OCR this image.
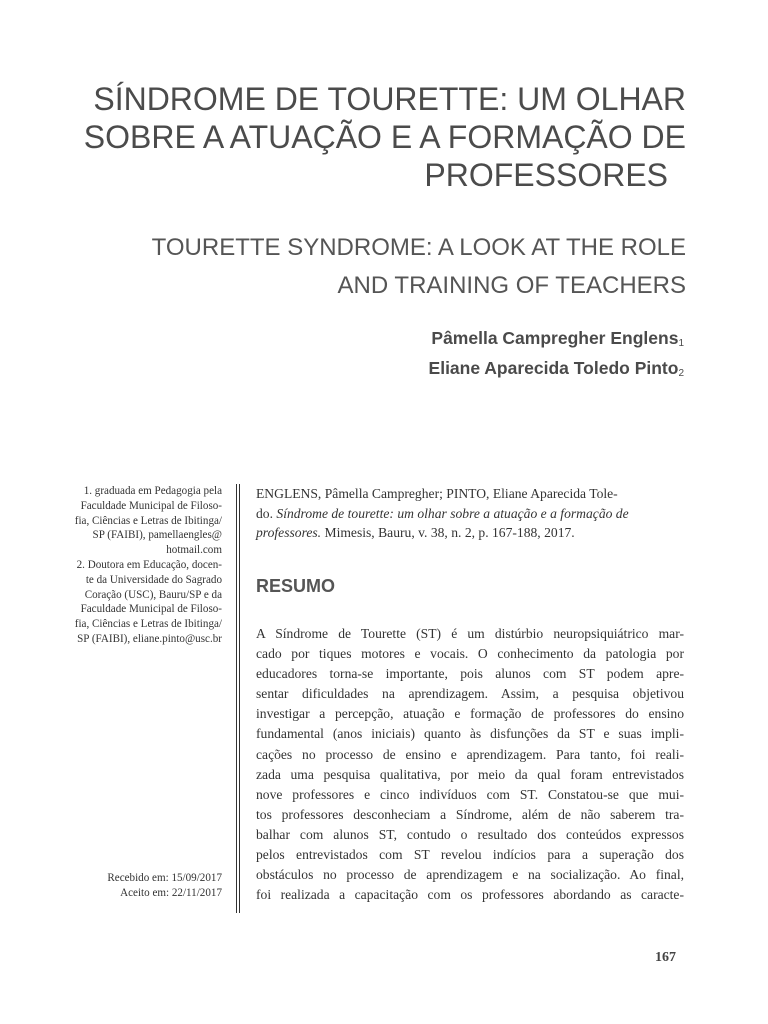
SÍNDROME DE TOURETTE: UM OLHAR
SOBRE A ATUAÇÃO E A FORMAÇÃO DE
PROFESSORES
TOURETTE SYNDROME: A LOOK AT THE ROLE
AND TRAINING OF TEACHERS
Pâmella Campregher Englens$_1$
Eliane Aparecida Toledo Pinto$_2$
1. graduada em Pedagogia pela
Faculdade Municipal de Filoso-
fia, Ciências e Letras de Ibitinga/
SP (FAIBI), pamellaengles@
hotmail.com
2. Doutora em Educação, docen-
te da Universidade do Sagrado
Coração (USC), Bauru/SP e da
Faculdade Municipal de Filoso-
fia, Ciências e Letras de Ibitinga/
SP (FAIBI), eliane.pinto@usc.br
Recebido em: 15/09/2017
Aceito em: 22/11/2017
ENGLENS, Pâmella Campregher; PINTO, Eliane Aparecida Tole-
do. Síndrome de tourette: um olhar sobre a atuação e a formação de
professores. Mimesis, Bauru, v. 38, n. 2, p. 167-188, 2017.
RESUMO
A Síndrome de Tourette (ST) é um distúrbio neuropsiquiátrico mar-
cado por tiques motores e vocais. O conhecimento da patologia por
educadores torna-se importante, pois alunos com ST podem apre-
sentar dificuldades na aprendizagem. Assim, a pesquisa objetivou
investigar a percepção, atuação e formação de professores do ensino
fundamental (anos iniciais) quanto às disfunções da ST e suas impli-
cações no processo de ensino e aprendizagem. Para tanto, foi reali-
zada uma pesquisa qualitativa, por meio da qual foram entrevistados
nove professores e cinco indivíduos com ST. Constatou-se que mui-
tos professores desconheciam a Síndrome, além de não saberem tra-
balhar com alunos ST, contudo o resultado dos conteúdos expressos
pelos entrevistados com ST revelou indícios para a superação dos
obstáculos no processo de aprendizagem e na socialização. Ao final,
foi realizada a capacitação com os professores abordando as caracte-
167
